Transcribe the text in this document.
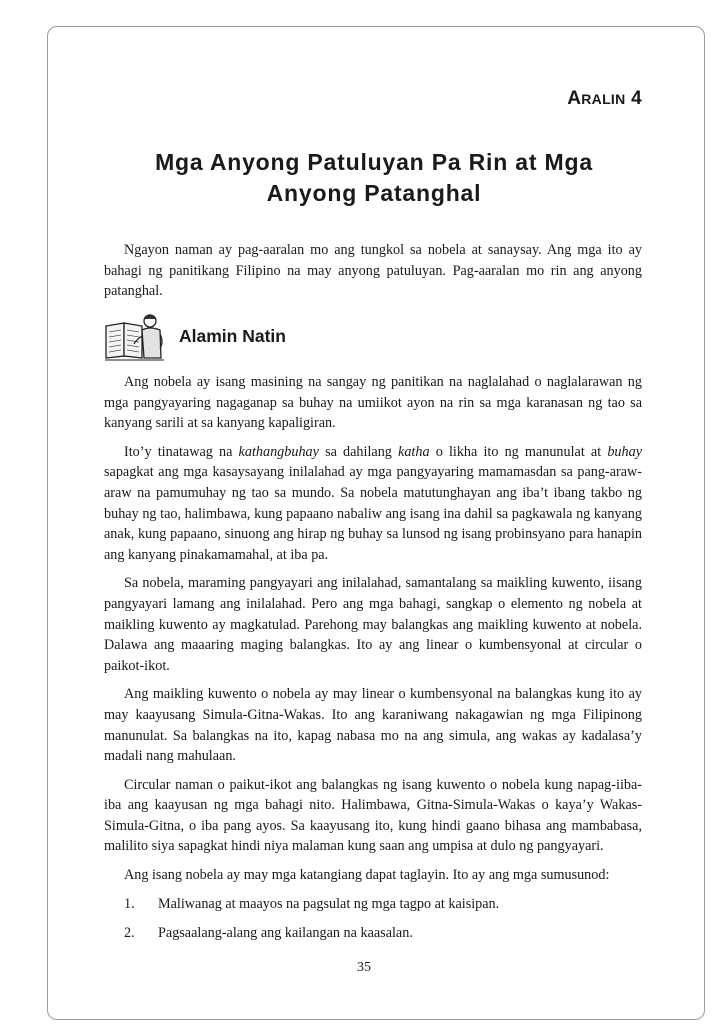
ARALIN 4
Mga Anyong Patuluyan Pa Rin at Mga
Anyong Patanghal

Ngayon naman ay pag-aaralan mo ang tungkol sa nobela at sanaysay. Ang mga ito ay bahagi ng panitikang Filipino na may anyong patuluyan. Pag-aaralan mo rin ang anyong patanghal.

Alamin Natin

Ang nobela ay isang masining na sangay ng panitikan na naglalahad o naglalarawan ng mga pangyayaring nagaganap sa buhay na umiikot ayon na rin sa mga karanasan ng tao sa kanyang sarili at sa kanyang kapaligiran.

Ito’y tinatawag na kathangbuhay sa dahilang katha o likha ito ng manunulat at buhay sapagkat ang mga kasaysayang inilalahad ay mga pangyayaring mamamasdan sa pang-araw-araw na pamumuhay ng tao sa mundo. Sa nobela matutunghayan ang iba’t ibang takbo ng buhay ng tao, halimbawa, kung papaano nabaliw ang isang ina dahil sa pagkawala ng kanyang anak, kung papaano, sinuong ang hirap ng buhay sa lunsod ng isang probinsyano para hanapin ang kanyang pinakamamahal, at iba pa.

Sa nobela, maraming pangyayari ang inilalahad, samantalang sa maikling kuwento, iisang pangyayari lamang ang inilalahad. Pero ang mga bahagi, sangkap o elemento ng nobela at maikling kuwento ay magkatulad. Parehong may balangkas ang maikling kuwento at nobela. Dalawa ang maaaring maging balangkas. Ito ay ang linear o kumbensyonal at circular o paikot-ikot.

Ang maikling kuwento o nobela ay may linear o kumbensyonal na balangkas kung ito ay may kaayusang Simula-Gitna-Wakas. Ito ang karaniwang nakagawian ng mga Filipinong manunulat. Sa balangkas na ito, kapag nabasa mo na ang simula, ang wakas ay kadalasa’y madali nang mahulaan.

Circular naman o paikut-ikot ang balangkas ng isang kuwento o nobela kung napag-iiba-iba ang kaayusan ng mga bahagi nito. Halimbawa, Gitna-Simula-Wakas o kaya’y Wakas-Simula-Gitna, o iba pang ayos. Sa kaayusang ito, kung hindi gaano bihasa ang mambabasa, malilito siya sapagkat hindi niya malaman kung saan ang umpisa at dulo ng pangyayari.

Ang isang nobela ay may mga katangiang dapat taglayin. Ito ay ang mga sumusunod:

1.	Maliwanag at maayos na pagsulat ng mga tagpo at kaisipan.
2.	Pagsaalang-alang ang kailangan na kaasalan.
35
